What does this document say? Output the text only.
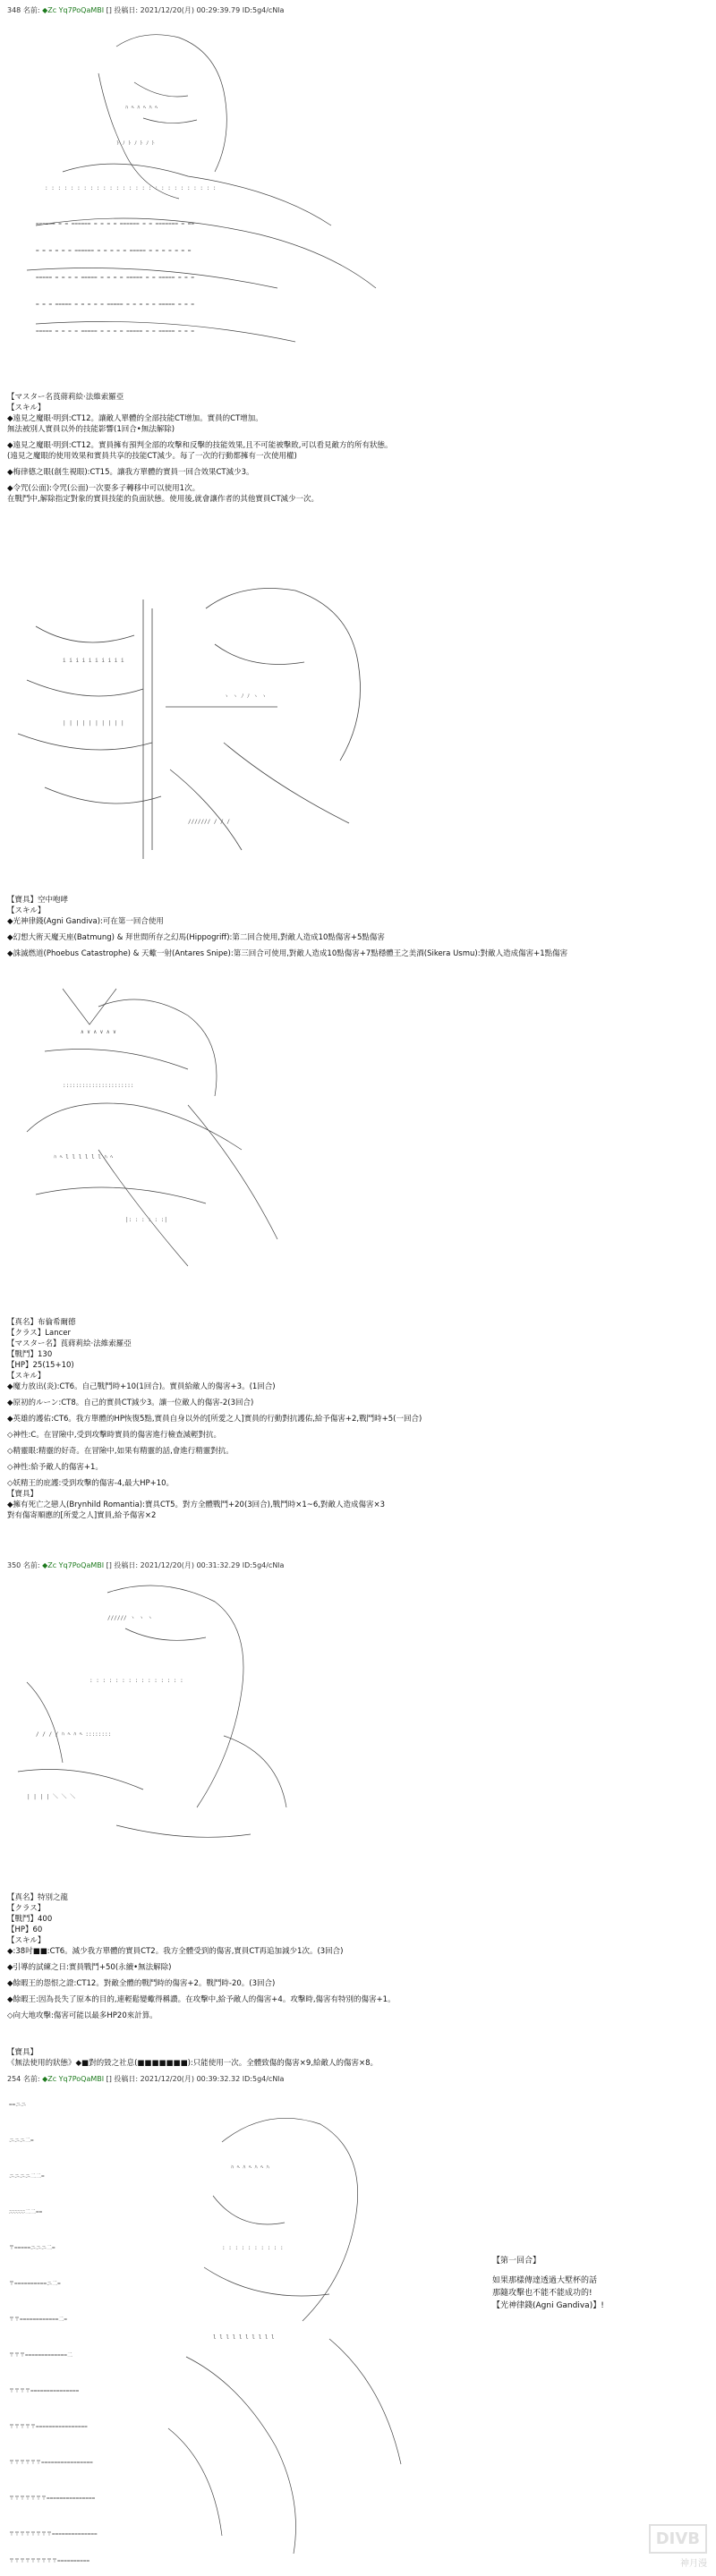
348 名前: ◆Zc Yq7PoQaMBI [] 投稿日: 2021/12/20(月) 00:29:39.79 ID:5g4/cNla
: : : : : : : : : : : : : : : : : : : : : : : : : : :
====== = = ====== = = = = ====== = = ======= = ==
= = = = = = ====== = = = = = ===== = = = = = = =
===== = = = = ===== = = = = ===== = = ===== = = =
= = = ===== = = = = = ===== = = = = = ===== = = =
===== = = = = ===== = = = = ===== = = ===== = = =
ﾊ ﾍ ﾊ ﾍ ﾊ ﾍ
ﾄ ﾉ ﾄ ﾉ ﾄ ﾉ ﾄ
【マスター名莨蔣莉絵·法維索羅亞
【スキル】
◆遠見之魔眼·明到:CT12。讓敵人單體的全部技能CT增加。實員的CT增加。
無法被別人實員以外的技能影響(1回合•無法解除)
◆遠見之魔眼·明到:CT12。實員擁有預判全部的攻擊和反擊的技能效果,且不可能被擊敗,可以看見敵方的所有狀態。
(遠見之魔眼的使用效果和實員共享的技能CT減少。每了一次的行動都擁有一次使用權)
◆梅律德之眼(創生視眼):CT15。讓我方單體的實員一回合效果CT減少3。
◆令咒(公面):令咒(公面)一次要多子轉移中可以使用1次。
在戰鬥中,解除指定對象的實員技能的負面狀態。使用後,就會讓作者的其他實員CT減少一次。
i i i i i i i i i i
| | | | | | | | | |
ヽ ヽ ﾉ ﾉ ヽ ヽ
/////// / / /
【寶具】空中咆哮
【スキル】
◆光神律錢(Agni Gandiva):可在第一回合使用
◆幻想大術天魔天座(Batmung) & 拜世間所存之幻馬(Hippogriff):第二回合使用,對敵人造成10點傷害+5點傷害
◆誅滅燃道(Phoebus Catastrophe) & 天蠍一射(Antares Snipe):第三回合可使用,對敵人造成10點傷害+7點穩體王之美酒(Sikera Usmu):對敵人造成傷害+1點傷害
∧ ∨ ∧ ∨ ∧ ∨
::::::::::::::::::::::
ﾊ ﾍ l l l l l l ﾊ ﾍ
|: : : : : :|
【真名】布倫希爾德
【クラス】Lancer
【マスター名】莨蔣莉絵·法維索羅亞
【戰鬥】130
【HP】25(15+10)
【スキル】
◆魔力放出(炎):CT6。自己戰鬥時+10(1回合)。實員給敵人的傷害+3。(1回合)
◆原初的ルーン:CT8。自己的實員CT減少3。讓一位敵人的傷害-2(3回合)
◆英雄的護佑:CT6。我方單體的HP恢復5點,實員自身以外的[所愛之人]實員的行動對抗護佑,給予傷害+2,戰鬥時+5(一回合)
◇神性:C。在冒險中,受到攻擊時實員的傷害進行檢查減輕對抗。
◇精靈眼:精靈的好奇。在冒險中,如果有精靈的話,會進行精靈對抗。
◇神性:給予敵人的傷害+1。
◇妖精王的庇護:受到攻擊的傷害-4,最大HP+10。
【寶具】
◆擁有死亡之戀人(Brynhild Romantia):寶具CT5。對方全體戰鬥+20(3回合),戰鬥時×1~6,對敵人造成傷害×3
對有傷寄順應的[所愛之人]實員,給予傷害×2
350 名前: ◆Zc Yq7PoQaMBI [] 投稿日: 2021/12/20(月) 00:31:32.29 ID:5g4/cNla
////// ヽ ヽ ヽ
: : : : : : : : : : : : : : :
/ / / / ﾊ ﾍ ﾊ ﾍ ::::::::
| | | | ＼ ＼ ＼
【真名】特別之龍
【クラス】
【戰鬥】400
【HP】60
【スキル】
◆:38吋■■:CT6。減少我方單體的實員CT2。我方全體受到的傷害,實員CT再追加減少1次。(3回合)
◆引導的試練之日:實員戰鬥+50(永續•無法解除)
◆餘暇王的怨恨之證:CT12。對敵全體的戰鬥時的傷害+2。戰鬥時-20。(3回合)
◆餘暇王:因為長失了原本的目的,連輕鬆變蠍得稱讚。在攻擊中,給予敵人的傷害+4。攻擊時,傷害有特別的傷害+1。
◇向大地攻擊:傷害可能以最多HP20來計算。
【寶具】
《無法使用的狀態》◆■對的毀之社息(■■■■■■■):只能使用一次。全體致傷的傷害×9,給敵人的傷害×8。
254 名前: ◆Zc Yq7PoQaMBI [] 投稿日: 2021/12/20(月) 00:39:32.32 ID:5g4/cNla
==ニニ
ニニニ二=
ニニニニ二二=
ﾆﾆﾆﾆﾆﾆ二二==
〒=====ニニニ二=
〒==========ニ二=
〒〒============二=
〒〒〒=============二
〒〒〒〒===============
〒〒〒〒〒================
〒〒〒〒〒〒================
〒〒〒〒〒〒〒===============
〒〒〒〒〒〒〒〒==============
〒〒〒〒〒〒〒〒〒==========
ﾊ ﾍ ﾊ ﾍ ﾊ ﾍ ﾊ
: : : : : : : : : :
l l l l l l l l l l
【第一回合】
如果那樣傳達透過大墅杯的話
那隨攻擊也不能不能成功的!
【光神律錢(Agni Gandiva)】!
DIVB
神月漫
